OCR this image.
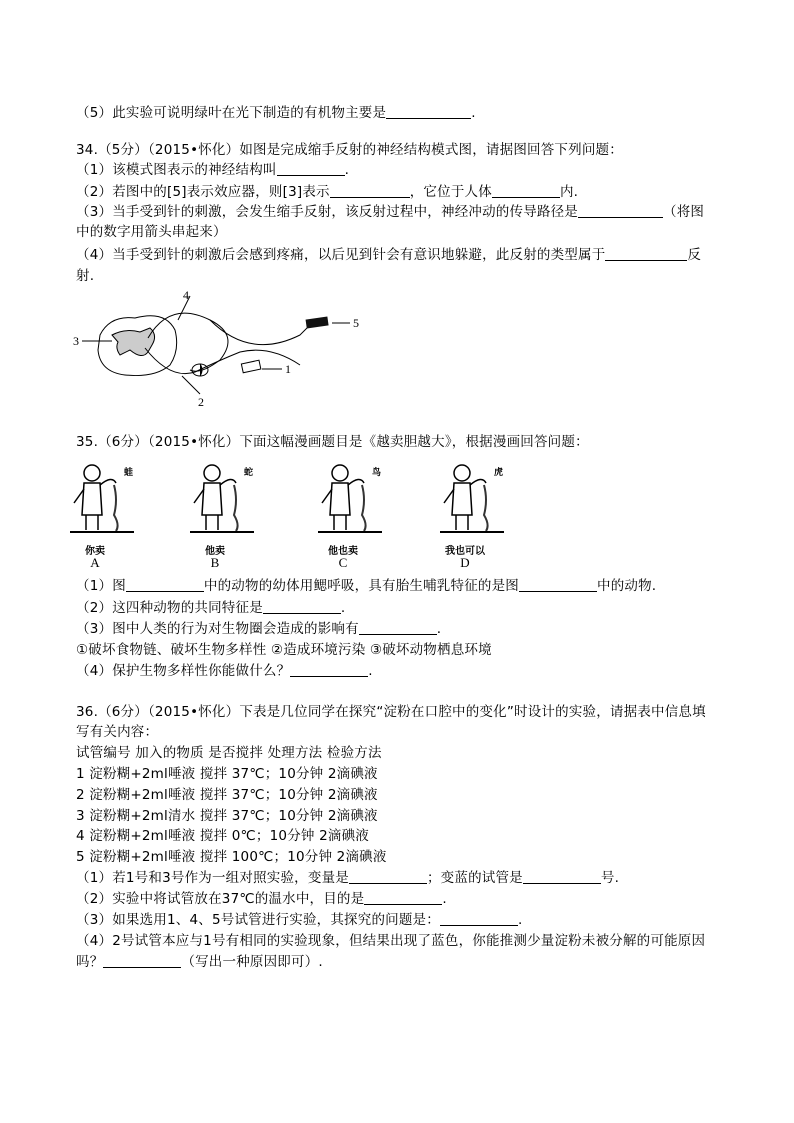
（5）此实验可说明绿叶在光下制造的有机物主要是	.
34.（5分）（2015•怀化）如图是完成缩手反射的神经结构模式图，请据图回答下列问题：
（1）该模式图表示的神经结构叫	.
（2）若图中的[5]表示效应器，则[3]表示	，它位于人体	内.
（3）当手受到针的刺激，会发生缩手反射，该反射过程中，神经冲动的传导路径是	（将图
中的数字用箭头串起来）
（4）当手受到针的刺激后会感到疼痛，以后见到针会有意识地躲避，此反射的类型属于	反
射.
35.（6分）（2015•怀化）下面这幅漫画题目是《越卖胆越大》，根据漫画回答问题：
（1）图	中的动物的幼体用鳃呼吸，具有胎生哺乳特征的是图	中的动物.
（2）这四种动物的共同特征是	.
（3）图中人类的行为对生物圈会造成的影响有	.
①破坏食物链、破坏生物多样性 ②造成环境污染 ③破坏动物栖息环境
（4）保护生物多样性你能做什么？	.
36.（6分）（2015•怀化）下表是几位同学在探究“淀粉在口腔中的变化”时设计的实验，请据表中信息填
写有关内容：
试管编号 加入的物质 是否搅拌 处理方法 检验方法
1 淀粉糊+2ml唾液 搅拌 37℃；10分钟 2滴碘液
2 淀粉糊+2ml唾液 搅拌 37℃；10分钟 2滴碘液
3 淀粉糊+2ml清水 搅拌 37℃；10分钟 2滴碘液
4 淀粉糊+2ml唾液 搅拌 0℃；10分钟 2滴碘液
5 淀粉糊+2ml唾液 搅拌 100℃；10分钟 2滴碘液
（1）若1号和3号作为一组对照实验，变量是	；变蓝的试管是	号.
（2）实验中将试管放在37℃的温水中，目的是	.
（3）如果选用1、4、5号试管进行实验，其探究的问题是：	.
（4）2号试管本应与1号有相同的实验现象，但结果出现了蓝色，你能推测少量淀粉未被分解的可能原因
吗？	（写出一种原因即可）.
1
2
3
4
5
蛙
你卖
A
蛇
他卖
B
鸟
他也卖
C
虎
我也可以
D
